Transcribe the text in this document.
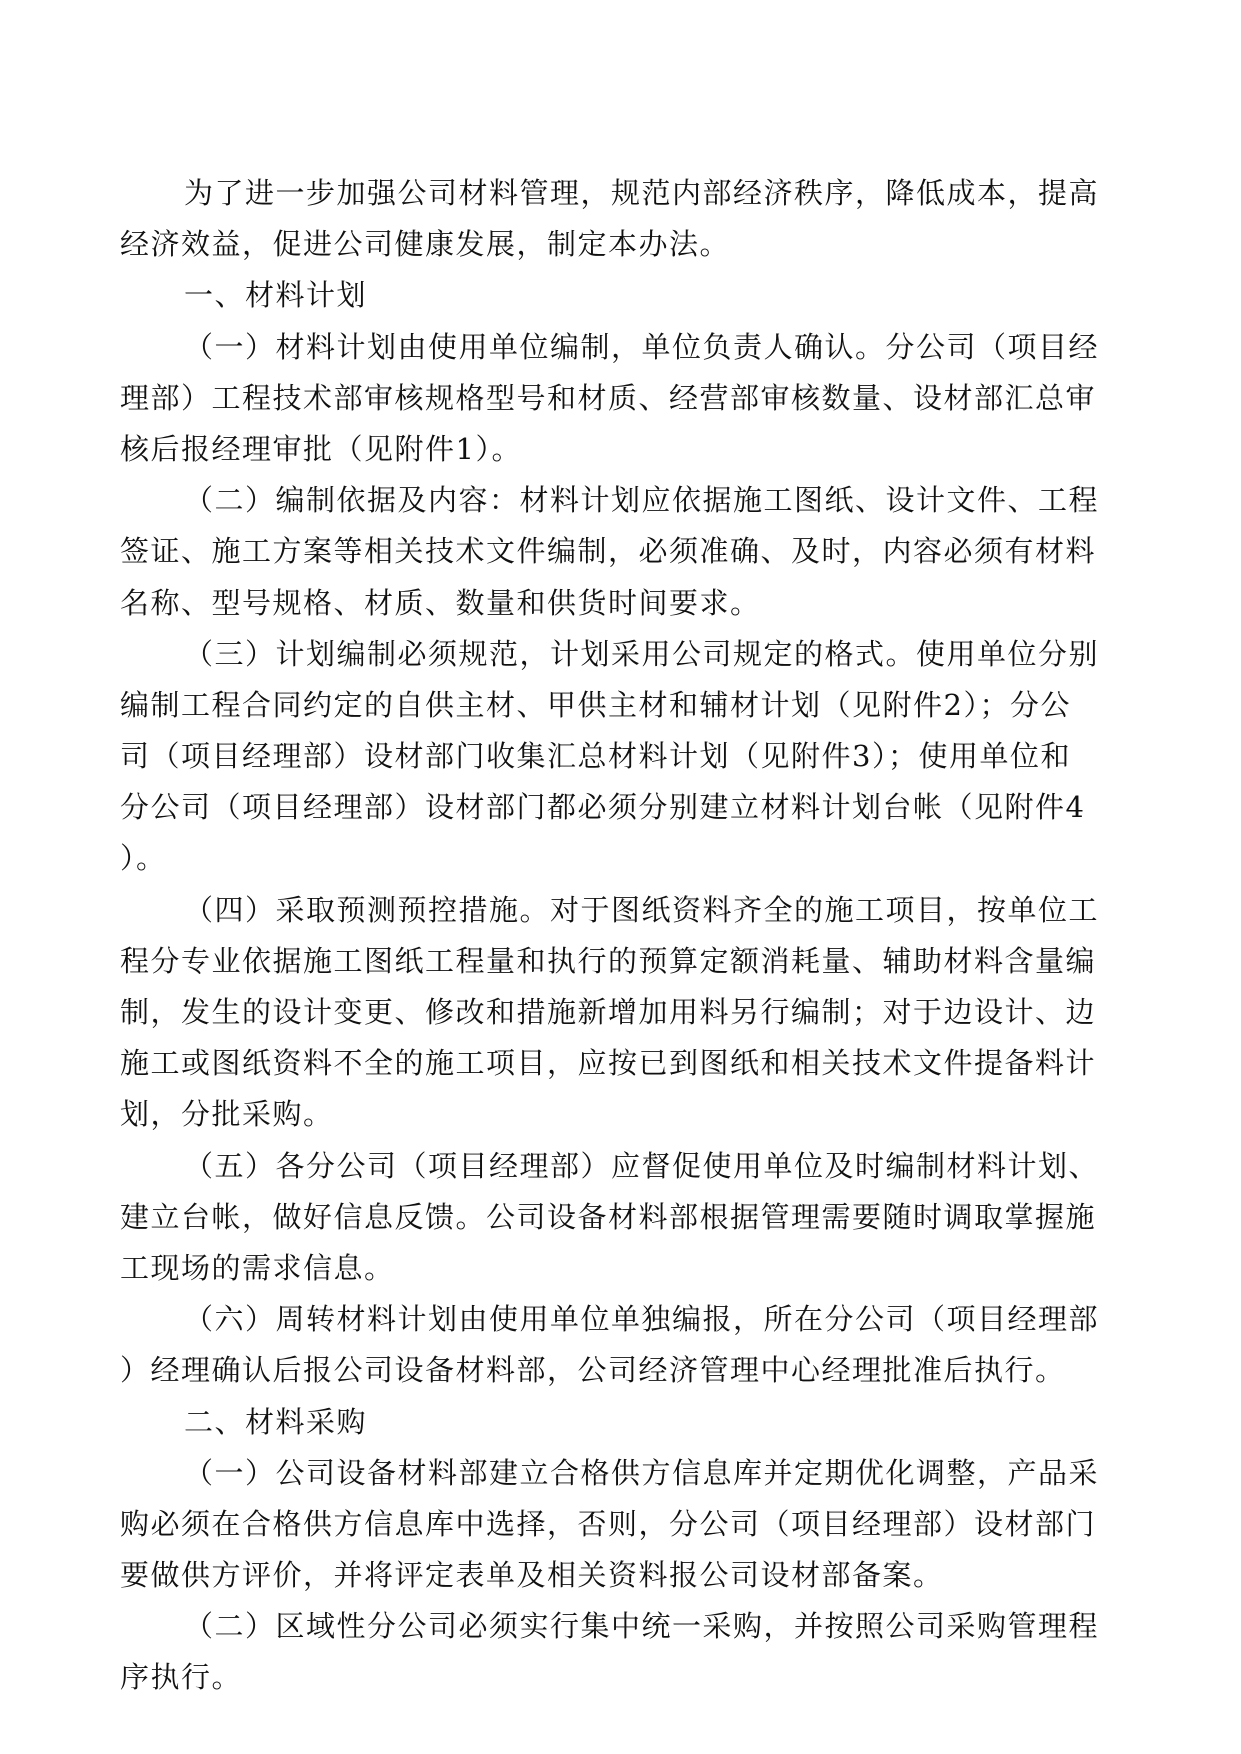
为了进一步加强公司材料管理，规范内部经济秩序，降低成本，提高
经济效益，促进公司健康发展，制定本办法。
一、材料计划
（一）材料计划由使用单位编制，单位负责人确认。分公司（项目经
理部）工程技术部审核规格型号和材质、经营部审核数量、设材部汇总审
核后报经理审批（见附件1）。
（二）编制依据及内容：材料计划应依据施工图纸、设计文件、工程
签证、施工方案等相关技术文件编制，必须准确、及时，内容必须有材料
名称、型号规格、材质、数量和供货时间要求。
（三）计划编制必须规范，计划采用公司规定的格式。使用单位分别
编制工程合同约定的自供主材、甲供主材和辅材计划（见附件2）；分公
司（项目经理部）设材部门收集汇总材料计划（见附件3）；使用单位和
分公司（项目经理部）设材部门都必须分别建立材料计划台帐（见附件4
）。
（四）采取预测预控措施。对于图纸资料齐全的施工项目，按单位工
程分专业依据施工图纸工程量和执行的预算定额消耗量、辅助材料含量编
制，发生的设计变更、修改和措施新增加用料另行编制；对于边设计、边
施工或图纸资料不全的施工项目，应按已到图纸和相关技术文件提备料计
划，分批采购。
（五）各分公司（项目经理部）应督促使用单位及时编制材料计划、
建立台帐，做好信息反馈。公司设备材料部根据管理需要随时调取掌握施
工现场的需求信息。
（六）周转材料计划由使用单位单独编报，所在分公司（项目经理部
）经理确认后报公司设备材料部，公司经济管理中心经理批准后执行。
二、材料采购
（一）公司设备材料部建立合格供方信息库并定期优化调整，产品采
购必须在合格供方信息库中选择，否则，分公司（项目经理部）设材部门
要做供方评价，并将评定表单及相关资料报公司设材部备案。
（二）区域性分公司必须实行集中统一采购，并按照公司采购管理程
序执行。
